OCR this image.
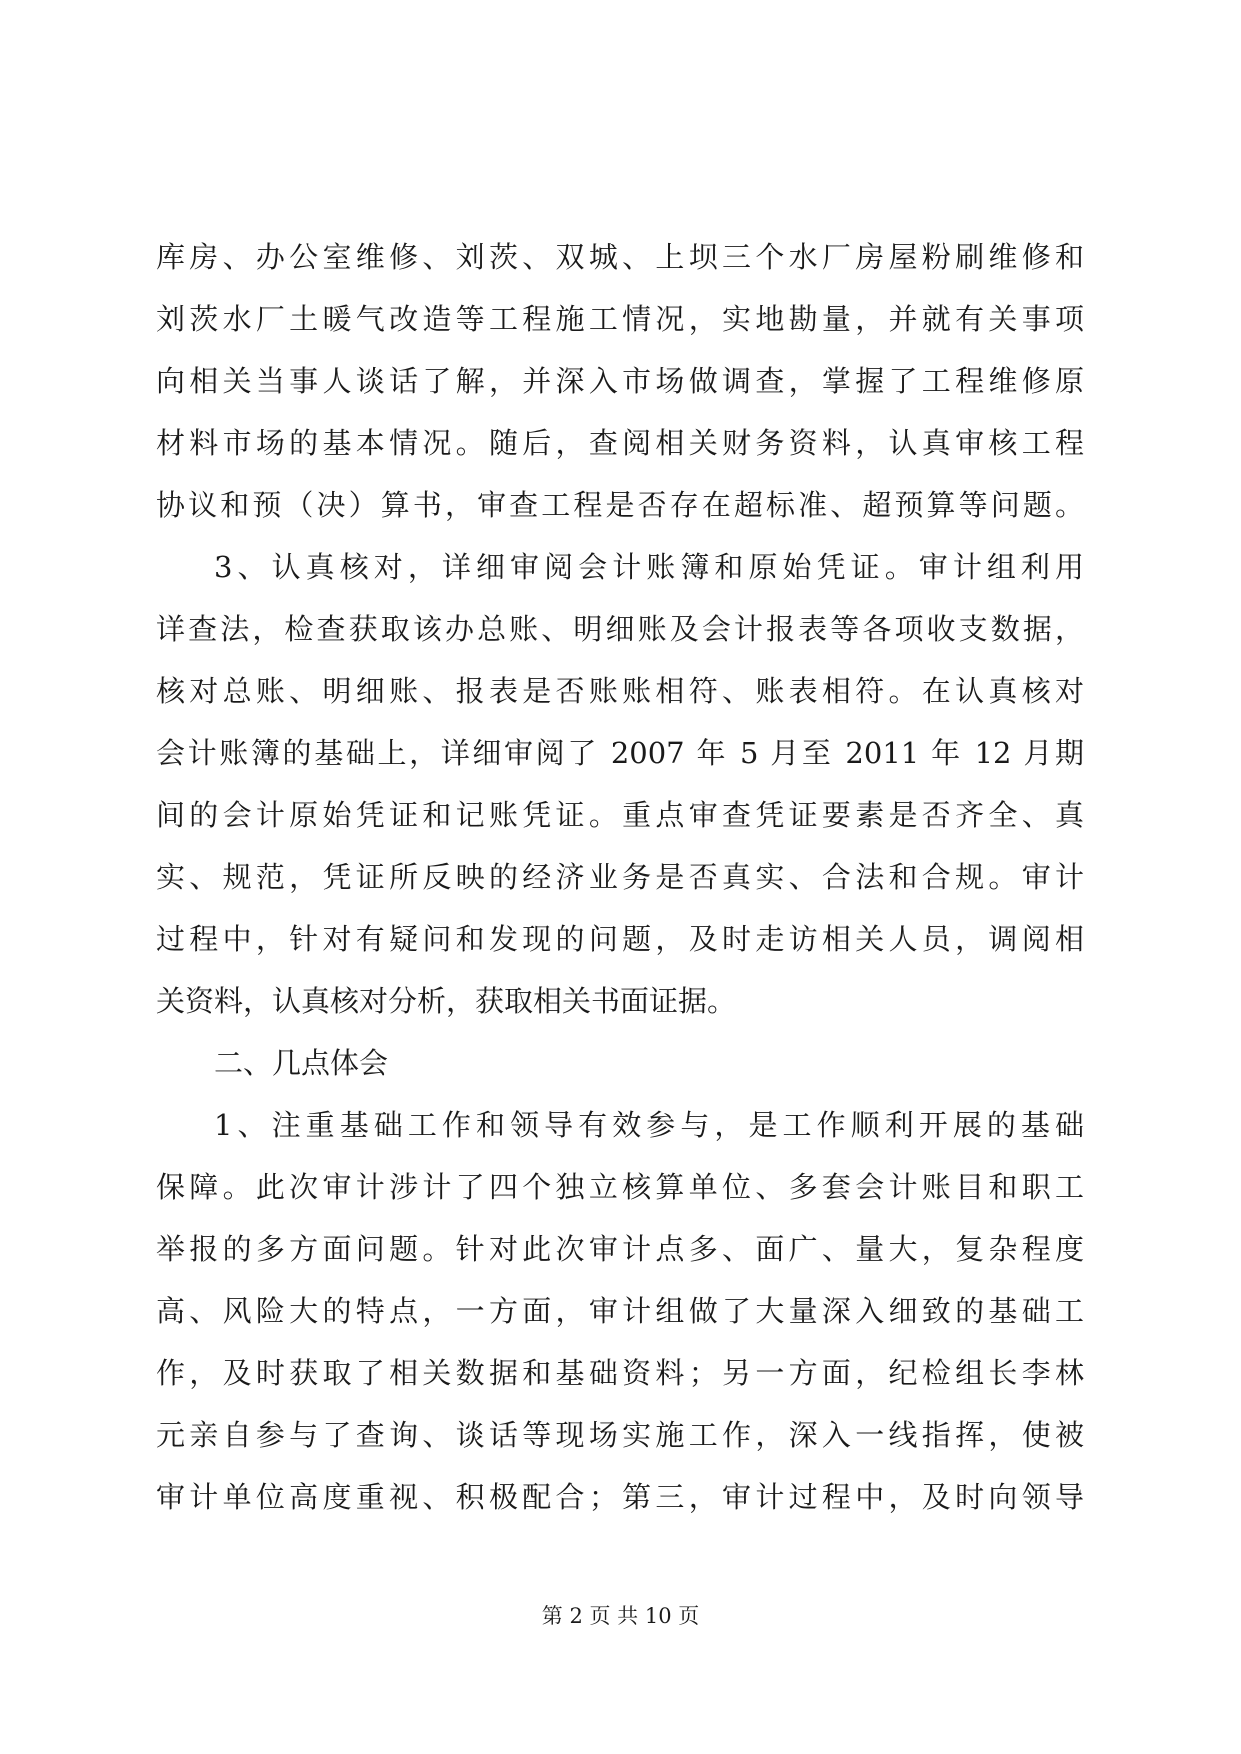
库房、办公室维修、刘茨、双城、上坝三个水厂房屋粉刷维修和
刘茨水厂土暖气改造等工程施工情况，实地勘量，并就有关事项
向相关当事人谈话了解，并深入市场做调查，掌握了工程维修原
材料市场的基本情况。随后，查阅相关财务资料，认真审核工程
协议和预（决）算书，审查工程是否存在超标准、超预算等问题。
3、认真核对，详细审阅会计账簿和原始凭证。审计组利用
详查法，检查获取该办总账、明细账及会计报表等各项收支数据，
核对总账、明细账、报表是否账账相符、账表相符。在认真核对
会计账簿的基础上，详细审阅了 2007 年 5 月至 2011 年 12 月期
间的会计原始凭证和记账凭证。重点审查凭证要素是否齐全、真
实、规范，凭证所反映的经济业务是否真实、合法和合规。审计
过程中，针对有疑问和发现的问题，及时走访相关人员，调阅相
关资料，认真核对分析，获取相关书面证据。
二、几点体会
1、注重基础工作和领导有效参与，是工作顺利开展的基础
保障。此次审计涉计了四个独立核算单位、多套会计账目和职工
举报的多方面问题。针对此次审计点多、面广、量大，复杂程度
高、风险大的特点，一方面，审计组做了大量深入细致的基础工
作，及时获取了相关数据和基础资料；另一方面，纪检组长李林
元亲自参与了查询、谈话等现场实施工作，深入一线指挥，使被
审计单位高度重视、积极配合；第三，审计过程中，及时向领导
第 2 页 共 10 页
